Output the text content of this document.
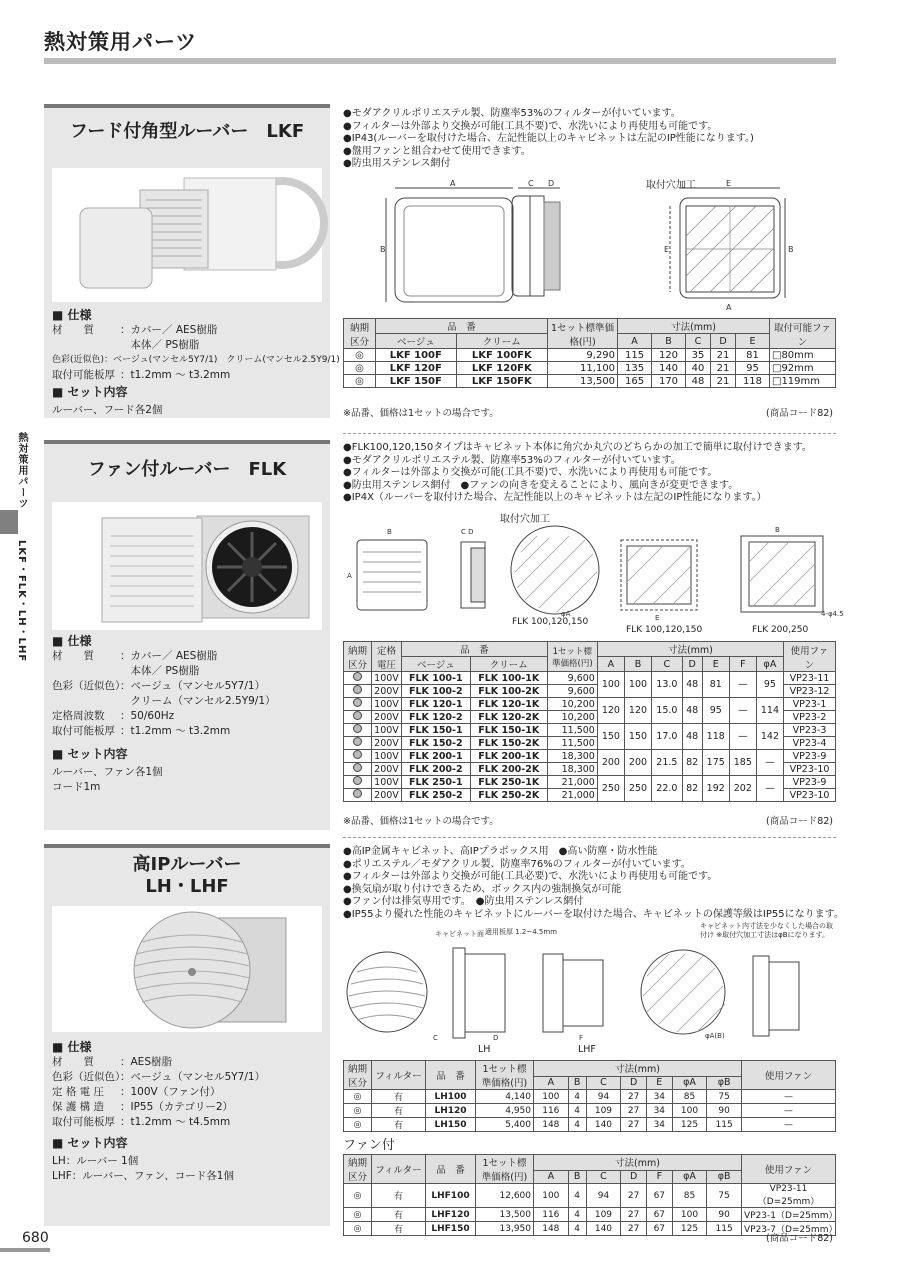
熱対策用パーツ
熱対策用パーツ
LKF・FLK・LH・LHF
フード付角型ルーバー　LKF
■ 仕様
材　　質	：カバー／ AES樹脂
　本体／ PS樹脂
色彩(近似色) ：ベージュ(マンセル5Y7/1)　クリーム(マンセル2.5Y9/1)
取付可能板厚 ：t1.2mm ～ t3.2mm
■ セット内容
ルーバー、フード各2個
●モダアクリルポリエステル製、防塵率53%のフィルターが付いています。
●フィルターは外部より交換が可能(工具不要)で、水洗いにより再使用も可能です。
●IP43(ルーバーを取付けた場合、左記性能以上のキャビネットは左記のIP性能になります。)
●盤用ファンと組合わせて使用できます。
●防虫用ステンレス網付
A
B
C D	E
B
E
A
取付穴加工
納期区分	品　番		1セット標準価格(円)	寸法(mm)					取付可能ファン
	ベージュ	クリーム		A	B	C	D	E	
◎	LKF 100F	LKF 100FK	9,290	115	120	35	21	81	□80mm
◎	LKF 120F	LKF 120FK	11,100	135	140	40	21	95	□92mm
◎	LKF 150F	LKF 150FK	13,500	165	170	48	21	118	□119mm
※品番、価格は1セットの場合です。	(商品コード82)
ファン付ルーバー　FLK
■ 仕様
材　　質	：カバー／ AES樹脂
　本体／ PS樹脂
色彩（近似色）
：ベージュ（マンセル5Y7/1）
　クリーム（マンセル2.5Y9/1）
定格周波数	：50/60Hz
取付可能板厚 ：t1.2mm ～ t3.2mm
■ セット内容
ルーバー、ファン各1個
コード1m
●FLK100,120,150タイプはキャビネット本体に角穴か丸穴のどちらかの加工で簡単に取付けできます。
●モダアクリルポリエステル製、防塵率53%のフィルターが付いています。
●フィルターは外部より交換が可能(工具不要)で、水洗いにより再使用も可能です。
●防虫用ステンレス網付　●ファンの向きを変えることにより、風向きが変更できます。
●IP4X（ルーバーを取付けた場合、左記性能以上のキャビネットは左記のIP性能になります。）
取付穴加工
B
A
C D
φA	E
B
4-φ4.5
FLK 100,120,150
FLK 100,120,150	FLK 200,250
納期区分	定格電圧	品　番		1セット標準価格(円)	寸法(mm)							使用ファン
		ベージュ	クリーム		A	B	C	D	E	F	φA	
	100V	FLK 100-1	FLK 100-1K	9,600	100	100	13.0	48	81	—	95	VP23-11
	200V	FLK 100-2	FLK 100-2K	9,600								VP23-12
	100V	FLK 120-1	FLK 120-1K	10,200	120	120	15.0	48	95	—	114	VP23-1
	200V	FLK 120-2	FLK 120-2K	10,200								VP23-2
	100V	FLK 150-1	FLK 150-1K	11,500	150	150	17.0	48	118	—	142	VP23-3
	200V	FLK 150-2	FLK 150-2K	11,500								VP23-4
	100V	FLK 200-1	FLK 200-1K	18,300	200	200	21.5	82	175	185	—	VP23-9
	200V	FLK 200-2	FLK 200-2K	18,300								VP23-10
	100V	FLK 250-1	FLK 250-1K	21,000	250	250	22.0	82	192	202	—	VP23-9
	200V	FLK 250-2	FLK 250-2K	21,000								VP23-10
※品番、価格は1セットの場合です。	(商品コード82)
高IPルーバー
LH・LHF
■ 仕様
材　　質	：AES樹脂
色彩（近似色）
：ベージュ（マンセル5Y7/1）
定 格 電 圧	：100V（ファン付）
保 護 構 造	：IP55（カテゴリー2）
取付可能板厚 ：t1.2mm ～ t4.5mm
■ セット内容
LH：ルーバー 1個
LHF：ルーバー、ファン、コード各1個
●高IP金属キャビネット、高IPプラボックス用　●高い防塵・防水性能
●ポリエステル／モダアクリル製、防塵率76%のフィルターが付いています。
●フィルターは外部より交換が可能(工具必要)で、水洗いにより再使用も可能です。
●換気扇が取り付けできるため、ボックス内の強制換気が可能
●ファン付は排気専用です。　●防虫用ステンレス網付
●IP55より優れた性能のキャビネットにルーバーを取付けた場合、キャビネットの保護等級はIP55になります。
キャビネット面 適用板厚 1.2~4.5mm
C	D	F	φA(B)
キャビネット内寸法を少なくした場合の取付け ※取付穴加工寸法はφBになります。
LH	LHF
納期区分	フィルター	品　番	1セット標準価格(円)	寸法(mm)							使用ファン
				A	B	C	D	E	φA	φB	
◎	有	LH100	4,140	100	4	94	27	34	85	75	—
◎	有	LH120	4,950	116	4	109	27	34	100	90	—
◎	有	LH150	5,400	148	4	140	27	34	125	115	—
ファン付
納期区分	フィルター	品　番	1セット標準価格(円)	寸法(mm)							使用ファン
				A	B	C	D	F	φA	φB	
◎	有	LHF100	12,600	100	4	94	27	67	85	75	VP23-11（D=25mm）
◎	有	LHF120	13,500	116	4	109	27	67	100	90	VP23-1（D=25mm）
◎	有	LHF150	13,950	148	4	140	27	67	125	115	VP23-7（D=25mm）
(商品コード82)
680
